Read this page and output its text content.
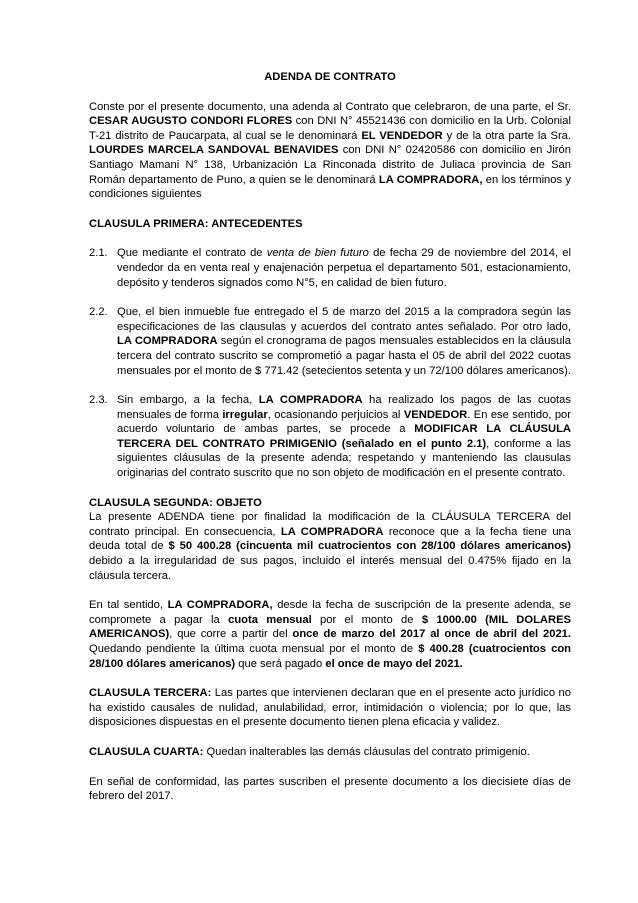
ADENDA DE CONTRATO
Conste por el presente documento, una adenda al Contrato que celebraron, de una parte, el Sr. CESAR AUGUSTO CONDORI FLORES con DNI N° 45521436 con domicilio en la Urb. Colonial T-21 distrito de Paucarpata, al cual se le denominará EL VENDEDOR y de la otra parte la Sra. LOURDES MARCELA SANDOVAL BENAVIDES con DNI N° 02420586 con domicilio en Jirón Santiago Mamani N° 138, Urbanización La Rinconada distrito de Juliaca provincia de San Román departamento de Puno, a quien se le denominará LA COMPRADORA, en los términos y condiciones siguientes
CLAUSULA PRIMERA: ANTECEDENTES
2.1. Que mediante el contrato de venta de bien futuro de fecha 29 de noviembre del 2014, el vendedor da en venta real y enajenación perpetua el departamento 501, estacionamiento, depósito y tenderos signados como N°5, en calidad de bien futuro.
2.2. Que, el bien inmueble fue entregado el 5 de marzo del 2015 a la compradora según las especificaciones de las clausulas y acuerdos del contrato antes señalado. Por otro lado, LA COMPRADORA según el cronograma de pagos mensuales establecidos en la cláusula tercera del contrato suscrito se comprometió a pagar hasta el 05 de abril del 2022 cuotas mensuales por el monto de $ 771.42 (setecientos setenta y un 72/100 dólares americanos).
2.3. Sin embargo, a la fecha, LA COMPRADORA ha realizado los pagos de las cuotas mensuales de forma irregular, ocasionando perjuicios al VENDEDOR. En ese sentido, por acuerdo voluntario de ambas partes, se procede a MODIFICAR LA CLÁUSULA TERCERA DEL CONTRATO PRIMIGENIO (señalado en el punto 2.1), conforme a las siguientes cláusulas de la presente adenda; respetando y manteniendo las clausulas originarias del contrato suscrito que no son objeto de modificación en el presente contrato.
CLAUSULA SEGUNDA: OBJETO
La presente ADENDA tiene por finalidad la modificación de la CLÁUSULA TERCERA del contrato principal. En consecuencia, LA COMPRADORA reconoce que a la fecha tiene una deuda total de $ 50 400.28 (cincuenta mil cuatrocientos con 28/100 dólares americanos) debido a la irregularidad de sus pagos, incluido el interés mensual del 0.475% fijado en la cláusula tercera.
En tal sentido, LA COMPRADORA, desde la fecha de suscripción de la presente adenda, se compromete a pagar la cuota mensual por el monto de $ 1000.00 (MIL DOLARES AMERICANOS), que corre a partir del once de marzo del 2017 al once de abril del 2021. Quedando pendiente la última cuota mensual por el monto de $ 400.28 (cuatrocientos con 28/100 dólares americanos) que será pagado el once de mayo del 2021.
CLAUSULA TERCERA: Las partes que intervienen declaran que en el presente acto jurídico no ha existido causales de nulidad, anulabilidad, error, intimidación o violencia; por lo que, las disposiciones dispuestas en el presente documento tienen plena eficacia y validez.
CLAUSULA CUARTA: Quedan inalterables las demás cláusulas del contrato primigenio.
En señal de conformidad, las partes suscriben el presente documento a los diecisiete días de febrero del 2017.
